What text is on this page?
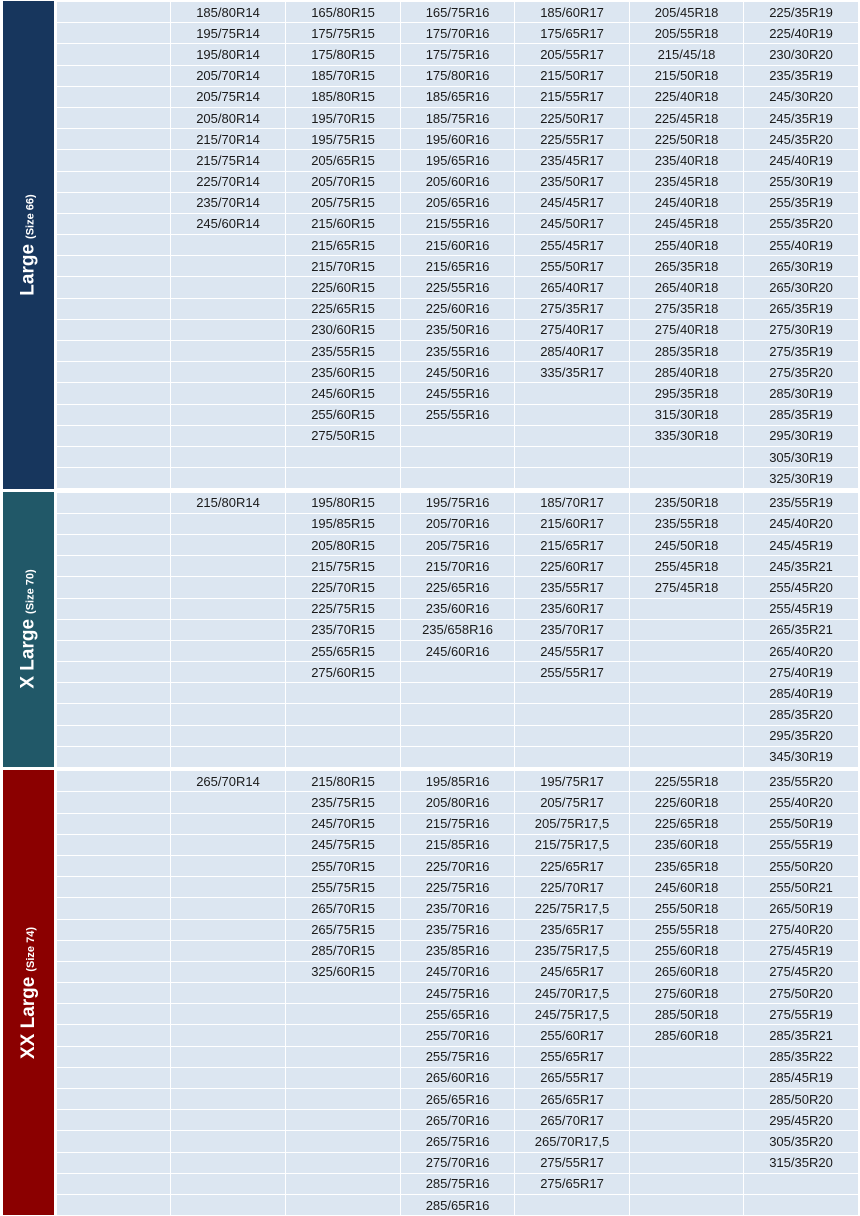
Large
(Size 66)
	185/80R14	165/80R15	165/75R16	185/60R17	205/45R18	225/35R19
	195/75R14	175/75R15	175/70R16	175/65R17	205/55R18	225/40R19
	195/80R14	175/80R15	175/75R16	205/55R17	215/45/18	230/30R20
	205/70R14	185/70R15	175/80R16	215/50R17	215/50R18	235/35R19
	205/75R14	185/80R15	185/65R16	215/55R17	225/40R18	245/30R20
	205/80R14	195/70R15	185/75R16	225/50R17	225/45R18	245/35R19
	215/70R14	195/75R15	195/60R16	225/55R17	225/50R18	245/35R20
	215/75R14	205/65R15	195/65R16	235/45R17	235/40R18	245/40R19
	225/70R14	205/70R15	205/60R16	235/50R17	235/45R18	255/30R19
	235/70R14	205/75R15	205/65R16	245/45R17	245/40R18	255/35R19
	245/60R14	215/60R15	215/55R16	245/50R17	245/45R18	255/35R20
		215/65R15	215/60R16	255/45R17	255/40R18	255/40R19
		215/70R15	215/65R16	255/50R17	265/35R18	265/30R19
		225/60R15	225/55R16	265/40R17	265/40R18	265/30R20
		225/65R15	225/60R16	275/35R17	275/35R18	265/35R19
		230/60R15	235/50R16	275/40R17	275/40R18	275/30R19
		235/55R15	235/55R16	285/40R17	285/35R18	275/35R19
		235/60R15	245/50R16	335/35R17	285/40R18	275/35R20
		245/60R15	245/55R16		295/35R18	285/30R19
		255/60R15	255/55R16		315/30R18	285/35R19
		275/50R15			335/30R18	295/30R19
						305/30R19
						325/30R19
X Large
(Size 70)
	215/80R14	195/80R15	195/75R16	185/70R17	235/50R18	235/55R19
		195/85R15	205/70R16	215/60R17	235/55R18	245/40R20
		205/80R15	205/75R16	215/65R17	245/50R18	245/45R19
		215/75R15	215/70R16	225/60R17	255/45R18	245/35R21
		225/70R15	225/65R16	235/55R17	275/45R18	255/45R20
		225/75R15	235/60R16	235/60R17		255/45R19
		235/70R15	235/658R16	235/70R17		265/35R21
		255/65R15	245/60R16	245/55R17		265/40R20
		275/60R15		255/55R17		275/40R19
						285/40R19
						285/35R20
						295/35R20
						345/30R19
XX Large
(Size 74)
	265/70R14	215/80R15	195/85R16	195/75R17	225/55R18	235/55R20
		235/75R15	205/80R16	205/75R17	225/60R18	255/40R20
		245/70R15	215/75R16	205/75R17,5	225/65R18	255/50R19
		245/75R15	215/85R16	215/75R17,5	235/60R18	255/55R19
		255/70R15	225/70R16	225/65R17	235/65R18	255/50R20
		255/75R15	225/75R16	225/70R17	245/60R18	255/50R21
		265/70R15	235/70R16	225/75R17,5	255/50R18	265/50R19
		265/75R15	235/75R16	235/65R17	255/55R18	275/40R20
		285/70R15	235/85R16	235/75R17,5	255/60R18	275/45R19
		325/60R15	245/70R16	245/65R17	265/60R18	275/45R20
			245/75R16	245/70R17,5	275/60R18	275/50R20
			255/65R16	245/75R17,5	285/50R18	275/55R19
			255/70R16	255/60R17	285/60R18	285/35R21
			255/75R16	255/65R17		285/35R22
			265/60R16	265/55R17		285/45R19
			265/65R16	265/65R17		285/50R20
			265/70R16	265/70R17		295/45R20
			265/75R16	265/70R17,5		305/35R20
			275/70R16	275/55R17		315/35R20
			285/75R16	275/65R17		
			285/65R16			
